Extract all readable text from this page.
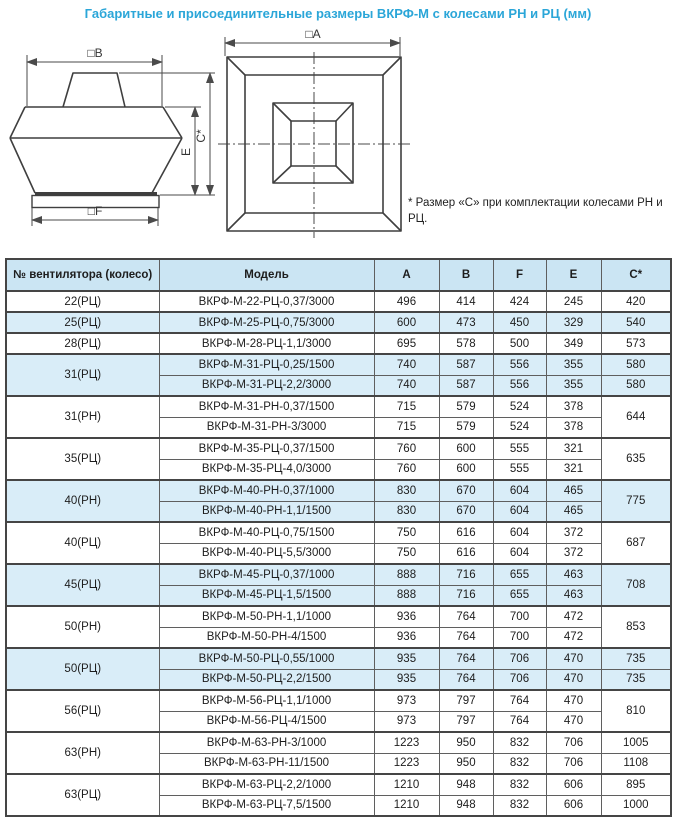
Габаритные и присоединительные размеры ВКРФ-М с колесами РН и РЦ (мм)
□B
□F
E
C*
□A
* Размер «С» при комплектации колесами РН и РЦ.
№ вентилятора (колесо)	Модель	A	B	F	E	C*
22(РЦ)	ВКРФ-М-22-РЦ-0,37/3000	496	414	424	245	420
25(РЦ)	ВКРФ-М-25-РЦ-0,75/3000	600	473	450	329	540
28(РЦ)	ВКРФ-М-28-РЦ-1,1/3000	695	578	500	349	573
31(РЦ)	ВКРФ-М-31-РЦ-0,25/1500	740	587	556	355	580
	ВКРФ-М-31-РЦ-2,2/3000	740	587	556	355	580
31(РН)	ВКРФ-М-31-РН-0,37/1500	715	579	524	378	644
	ВКРФ-М-31-РН-3/3000	715	579	524	378	
35(РЦ)	ВКРФ-М-35-РЦ-0,37/1500	760	600	555	321	635
	ВКРФ-М-35-РЦ-4,0/3000	760	600	555	321	
40(РН)	ВКРФ-М-40-РН-0,37/1000	830	670	604	465	775
	ВКРФ-М-40-РН-1,1/1500	830	670	604	465	
40(РЦ)	ВКРФ-М-40-РЦ-0,75/1500	750	616	604	372	687
	ВКРФ-М-40-РЦ-5,5/3000	750	616	604	372	
45(РЦ)	ВКРФ-М-45-РЦ-0,37/1000	888	716	655	463	708
	ВКРФ-М-45-РЦ-1,5/1500	888	716	655	463	
50(РН)	ВКРФ-М-50-РН-1,1/1000	936	764	700	472	853
	ВКРФ-М-50-РН-4/1500	936	764	700	472	
50(РЦ)	ВКРФ-М-50-РЦ-0,55/1000	935	764	706	470	735
	ВКРФ-М-50-РЦ-2,2/1500	935	764	706	470	735
56(РЦ)	ВКРФ-М-56-РЦ-1,1/1000	973	797	764	470	810
	ВКРФ-М-56-РЦ-4/1500	973	797	764	470	
63(РН)	ВКРФ-М-63-РН-3/1000	1223	950	832	706	1005
	ВКРФ-М-63-РН-11/1500	1223	950	832	706	1108
63(РЦ)	ВКРФ-М-63-РЦ-2,2/1000	1210	948	832	606	895
	ВКРФ-М-63-РЦ-7,5/1500	1210	948	832	606	1000
